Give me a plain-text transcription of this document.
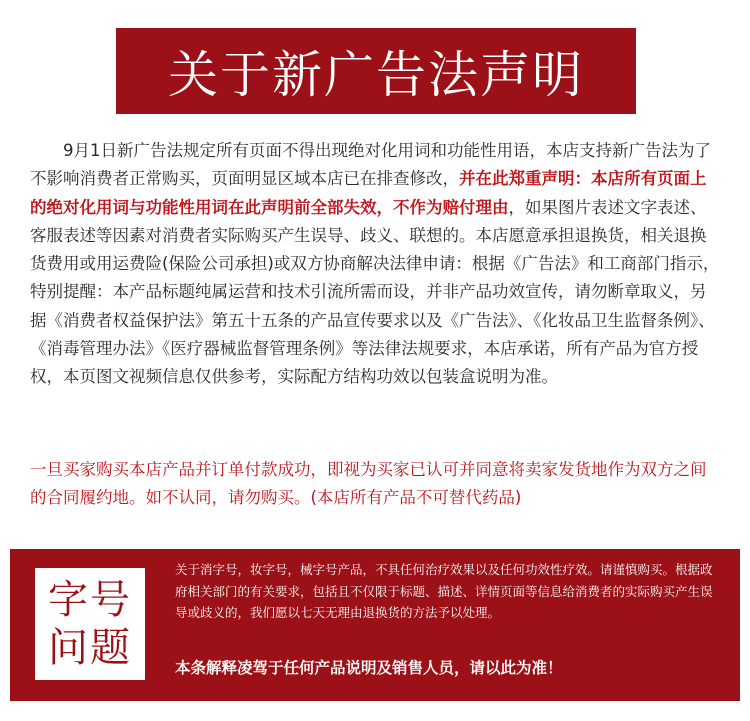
关于新广告法声明

9月1日新广告法规定所有页面不得出现绝对化用词和功能性用语，本店支持新广告法为了不影响消费者正常购买，页面明显区域本店已在排查修改，并在此郑重声明：本店所有页面上的绝对化用词与功能性用词在此声明前全部失效，不作为赔付理由，如果图片表述文字表述、客服表述等因素对消费者实际购买产生误导、歧义、联想的。本店愿意承担退换货，相关退换货费用或用运费险(保险公司承担)或双方协商解决法律申请：根据《广告法》和工商部门指示，特别提醒：本产品标题纯属运营和技术引流所需而设，并非产品功效宣传，请勿断章取义，另据《消费者权益保护法》第五十五条的产品宣传要求以及《广告法》、《化妆品卫生监督条例》、《消毒管理办法》《医疗器械监督管理条例》等法律法规要求，本店承诺，所有产品为官方授权，本页图文视频信息仅供参考，实际配方结构功效以包装盒说明为准。

一旦买家购买本店产品并订单付款成功，即视为买家已认可并同意将卖家发货地作为双方之间的合同履约地。如不认同，请勿购买。(本店所有产品不可替代药品)

字号
问题

关于消字号，妆字号，械字号产品，不具任何治疗效果以及任何功效性疗效。请谨慎购买。根据政府相关部门的有关要求，包括且不仅限于标题、描述、详情页面等信息给消费者的实际购买产生误导或歧义的，我们愿以七天无理由退换货的方法予以处理。

本条解释凌驾于任何产品说明及销售人员，请以此为准！
